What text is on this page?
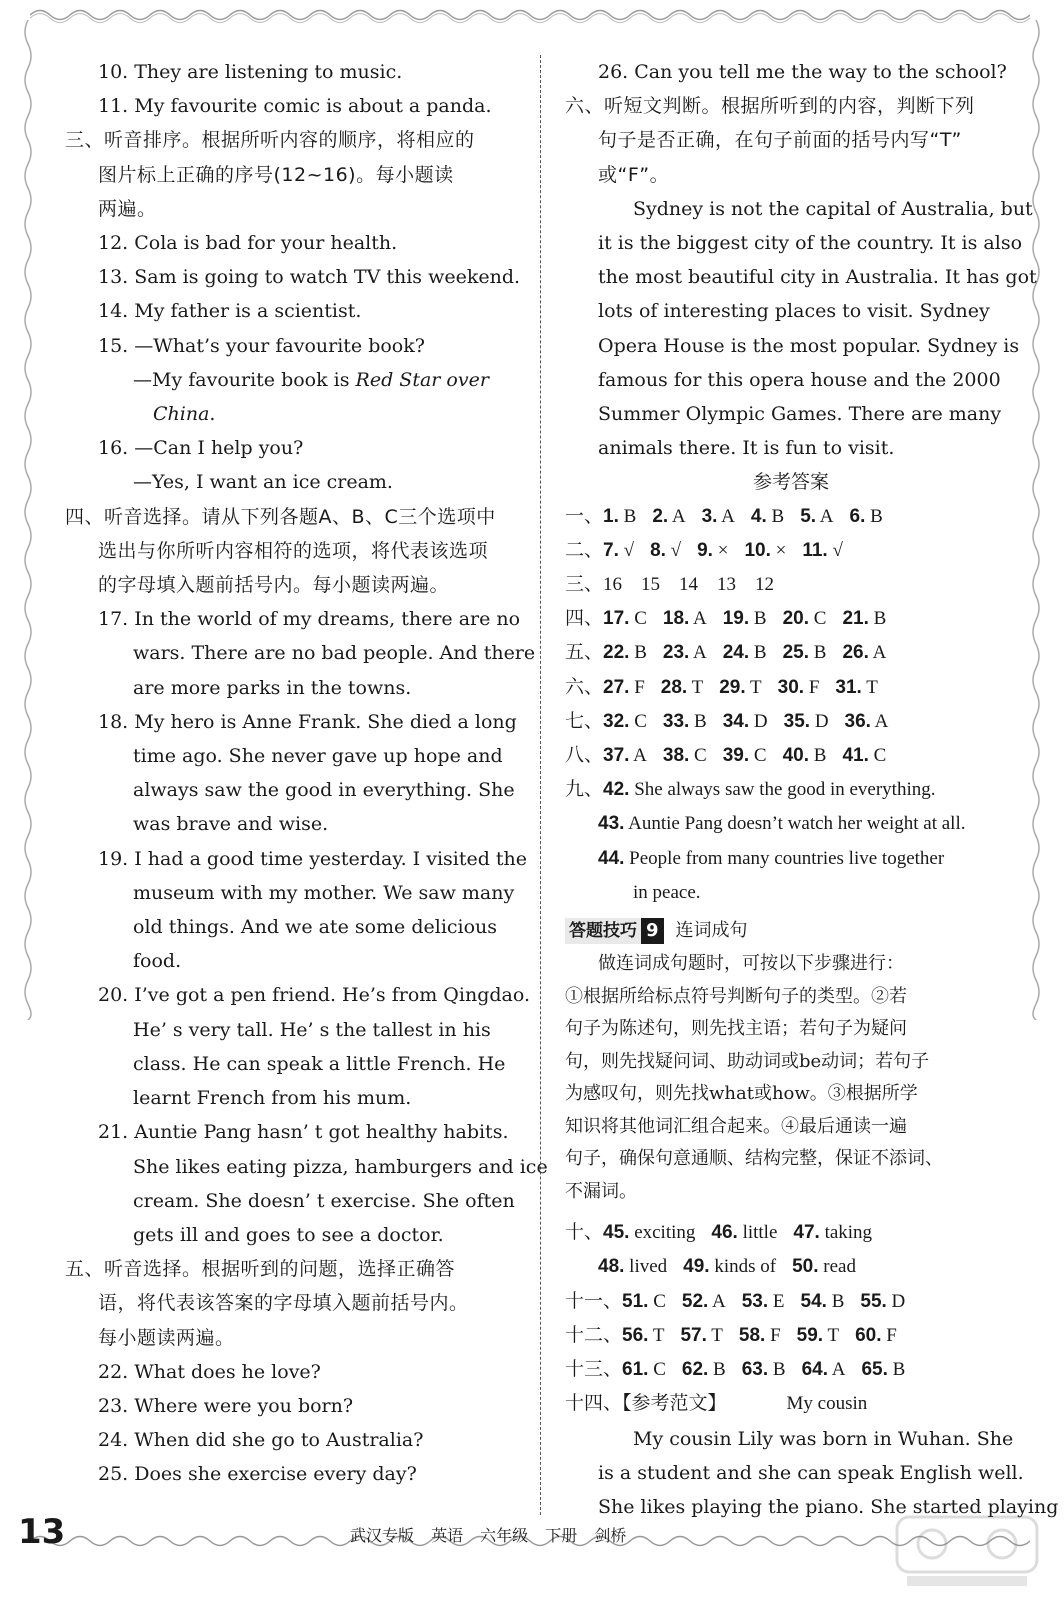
10. They are listening to music.
11. My favourite comic is about a panda.
三、听音排序。根据所听内容的顺序，将相应的
图片标上正确的序号(12~16)。每小题读
两遍。
12. Cola is bad for your health.
13. Sam is going to watch TV this weekend.
14. My father is a scientist.
15. —What’s your favourite book?
—My favourite book is Red Star over
China.
16. —Can I help you?
—Yes, I want an ice cream.
四、听音选择。请从下列各题A、B、C三个选项中
选出与你所听内容相符的选项，将代表该选项
的字母填入题前括号内。每小题读两遍。
17. In the world of my dreams, there are no
wars. There are no bad people. And there
are more parks in the towns.
18. My hero is Anne Frank. She died a long
time ago. She never gave up hope and
always saw the good in everything. She
was brave and wise.
19. I had a good time yesterday. I visited the
museum with my mother. We saw many
old things. And we ate some delicious
food.
20. I’ve got a pen friend. He’s from Qingdao.
He’ s very tall. He’ s the tallest in his
class. He can speak a little French. He
learnt French from his mum.
21. Auntie Pang hasn’ t got healthy habits.
She likes eating pizza, hamburgers and ice
cream. She doesn’ t exercise. She often
gets ill and goes to see a doctor.
五、听音选择。根据听到的问题，选择正确答
语，将代表该答案的字母填入题前括号内。
每小题读两遍。
22. What does he love?
23. Where were you born?
24. When did she go to Australia?
25. Does she exercise every day?
26. Can you tell me the way to the school?
六、听短文判断。根据所听到的内容，判断下列
句子是否正确，在句子前面的括号内写“T”
或“F”。
Sydney is not the capital of Australia, but
it is the biggest city of the country. It is also
the most beautiful city in Australia. It has got
lots of interesting places to visit. Sydney
Opera House is the most popular. Sydney is
famous for this opera house and the 2000
Summer Olympic Games. There are many
animals there. It is fun to visit.
参考答案
一、1. B 2. A 3. A 4. B 5. A 6. B
二、7. √ 8. √ 9. × 10. × 11. √
三、16　15　14　13　12
四、17. C 18. A 19. B 20. C 21. B
五、22. B 23. A 24. B 25. B 26. A
六、27. F 28. T 29. T 30. F 31. T
七、32. C 33. B 34. D 35. D 36. A
八、37. A 38. C 39. C 40. B 41. C
九、42. She always saw the good in everything.
43. Auntie Pang doesn’t watch her weight at all.
44. People from many countries live together
in peace.
答题技巧 9 连词成句
做连词成句题时，可按以下步骤进行：
①根据所给标点符号判断句子的类型。②若
句子为陈述句，则先找主语；若句子为疑问
句，则先找疑问词、助动词或be动词；若句子
为感叹句，则先找what或how。③根据所学
知识将其他词汇组合起来。④最后通读一遍
句子，确保句意通顺、结构完整，保证不添词、
不漏词。
十、45. exciting 46. little 47. taking
48. lived 49. kinds of 50. read
十一、51. C 52. A 53. E 54. B 55. D
十二、56. T 57. T 58. F 59. T 60. F
十三、61. C 62. B 63. B 64. A 65. B
十四、【参考范文】	My cousin
My cousin Lily was born in Wuhan. She
is a student and she can speak English well.
She likes playing the piano. She started playing
13	武汉专版 英语 六年级 下册 剑桥
